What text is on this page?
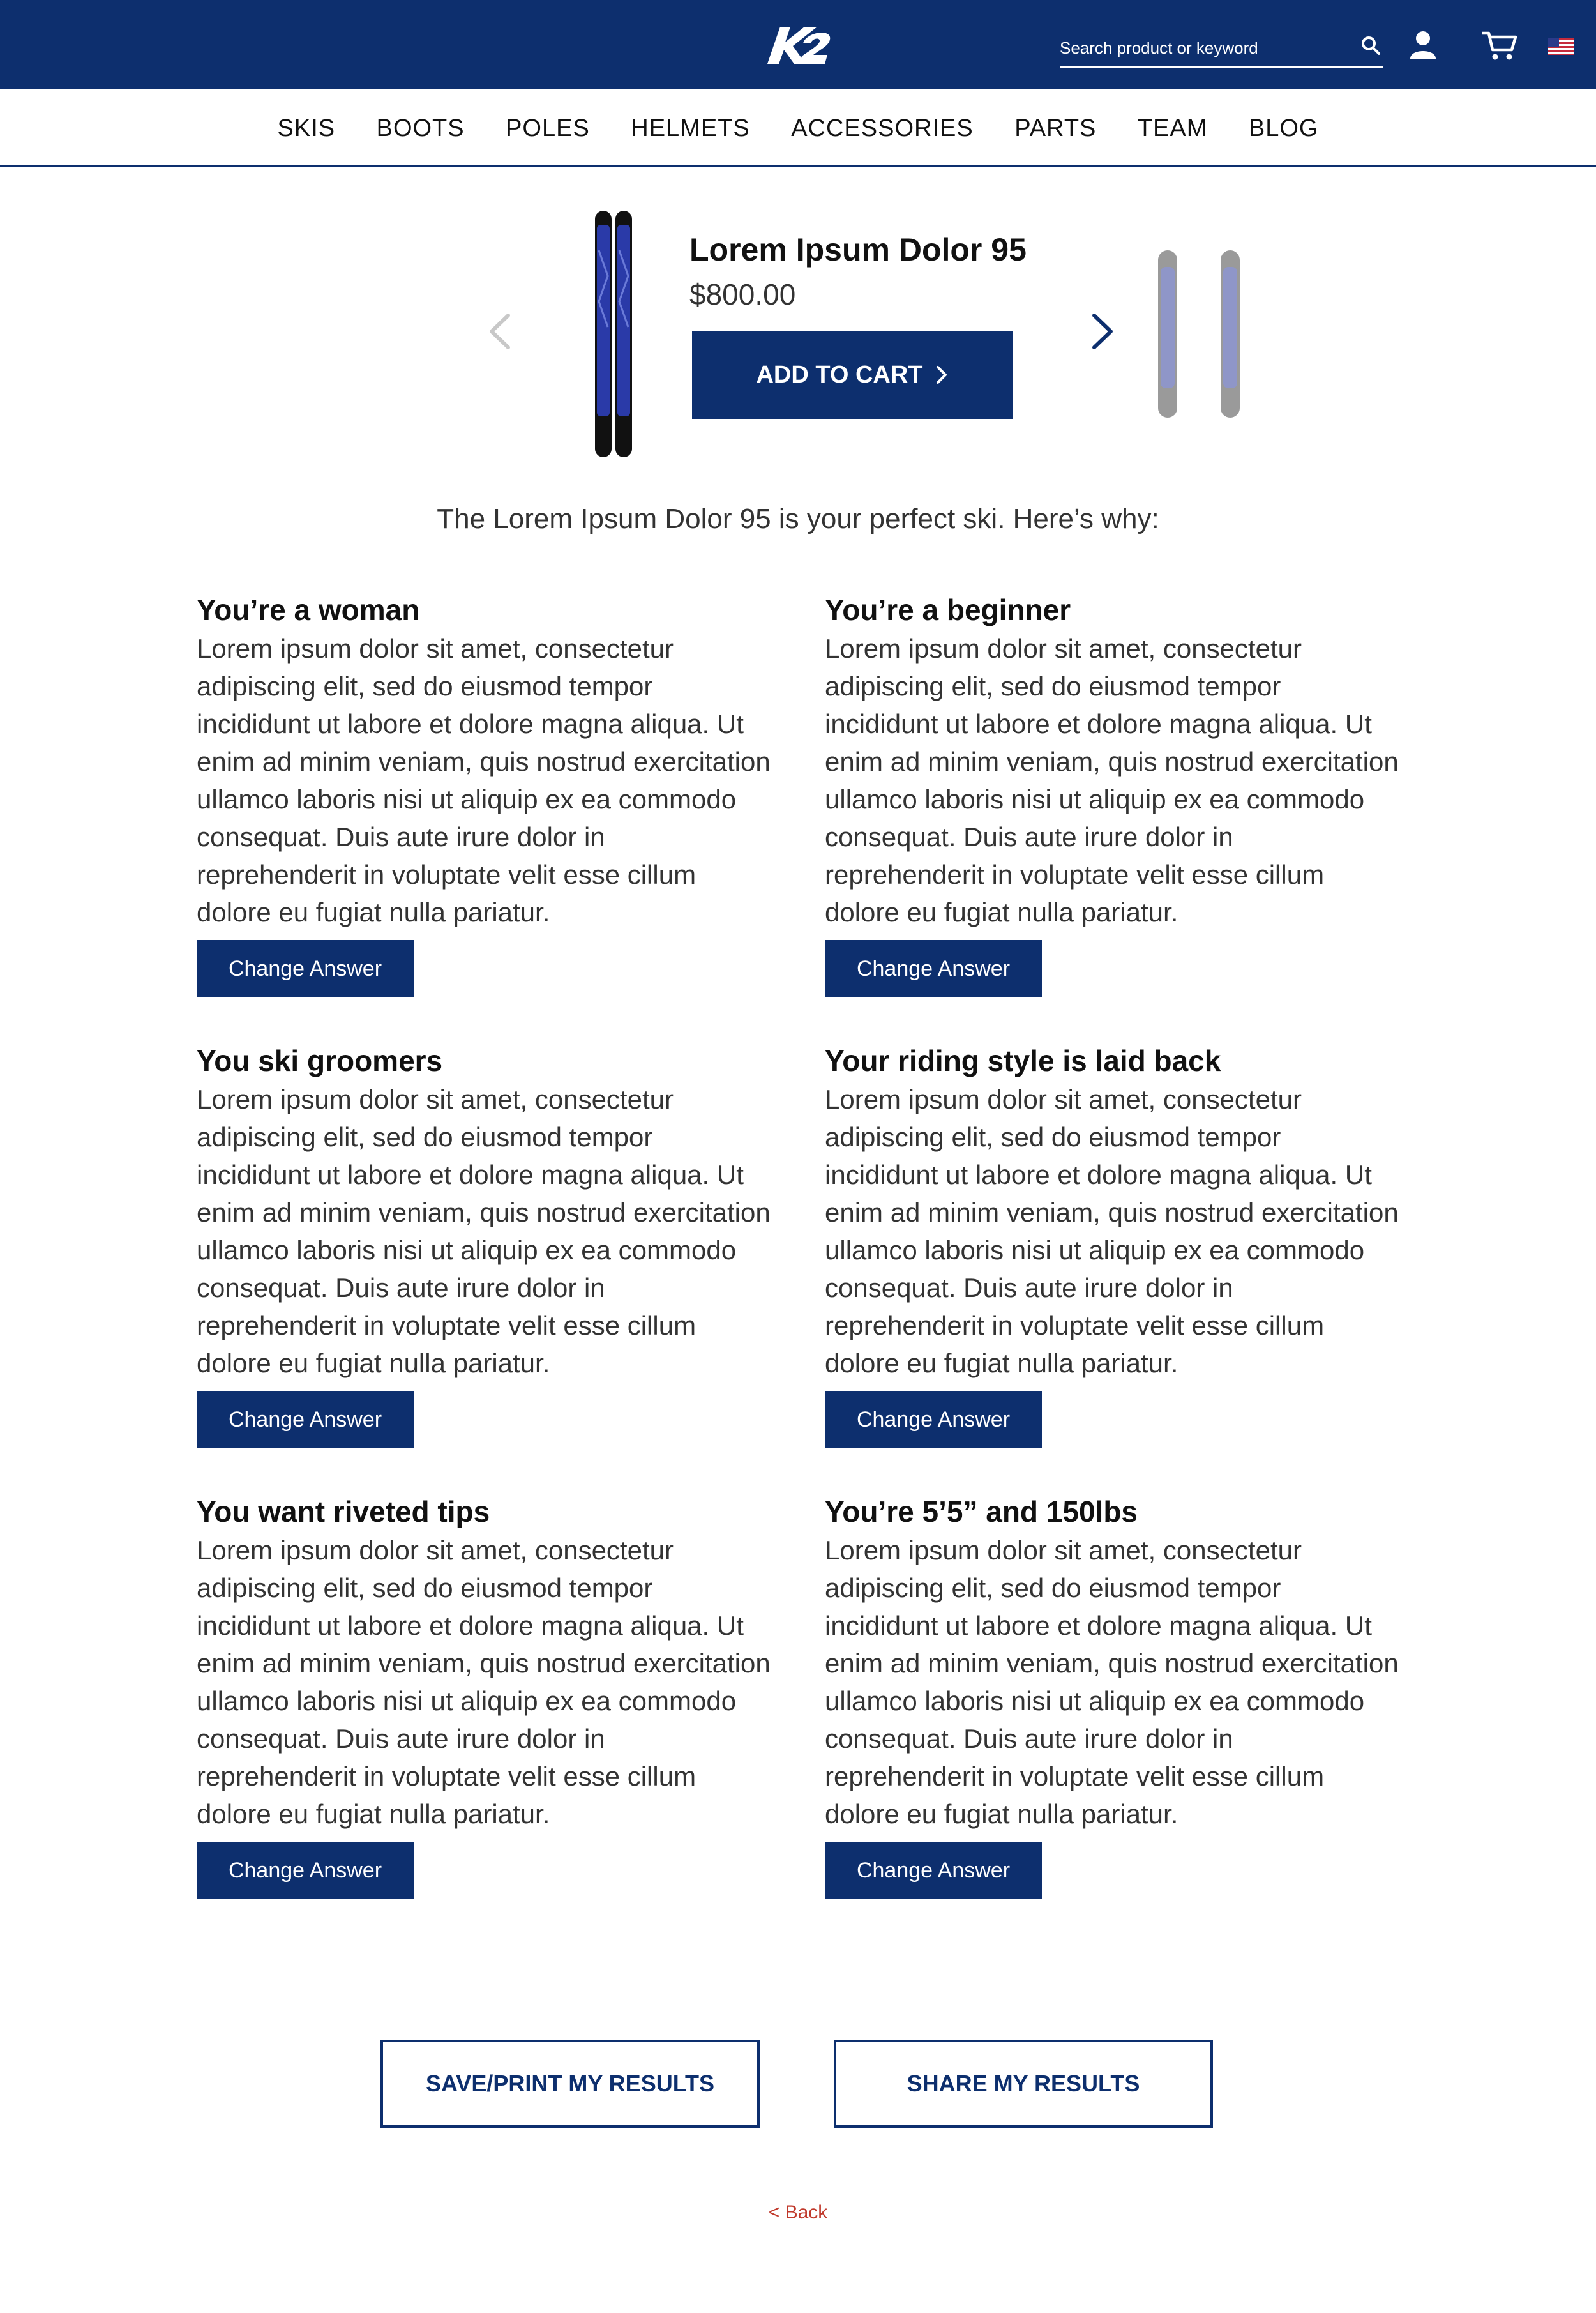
Search product or keyword
SKIS BOOTS POLES HELMETS ACCESSORIES PARTS TEAM BLOG
Lorem Ipsum Dolor 95
$800.00
ADD TO CART
The Lorem Ipsum Dolor 95 is your perfect ski. Here’s why:
You’re a woman
Lorem ipsum dolor sit amet, consectetur adipiscing elit, sed do eiusmod tempor incididunt ut labore et dolore magna aliqua. Ut enim ad minim veniam, quis nostrud exercitation ullamco laboris nisi ut aliquip ex ea commodo consequat. Duis aute irure dolor in reprehenderit in voluptate velit esse cillum dolore eu fugiat nulla pariatur.
Change Answer
You’re a beginner
Lorem ipsum dolor sit amet, consectetur adipiscing elit, sed do eiusmod tempor incididunt ut labore et dolore magna aliqua. Ut enim ad minim veniam, quis nostrud exercitation ullamco laboris nisi ut aliquip ex ea commodo consequat. Duis aute irure dolor in reprehenderit in voluptate velit esse cillum dolore eu fugiat nulla pariatur.
Change Answer
You ski groomers
Lorem ipsum dolor sit amet, consectetur adipiscing elit, sed do eiusmod tempor incididunt ut labore et dolore magna aliqua. Ut enim ad minim veniam, quis nostrud exercitation ullamco laboris nisi ut aliquip ex ea commodo consequat. Duis aute irure dolor in reprehenderit in voluptate velit esse cillum dolore eu fugiat nulla pariatur.
Change Answer
Your riding style is laid back
Lorem ipsum dolor sit amet, consectetur adipiscing elit, sed do eiusmod tempor incididunt ut labore et dolore magna aliqua. Ut enim ad minim veniam, quis nostrud exercitation ullamco laboris nisi ut aliquip ex ea commodo consequat. Duis aute irure dolor in reprehenderit in voluptate velit esse cillum dolore eu fugiat nulla pariatur.
Change Answer
You want riveted tips
Lorem ipsum dolor sit amet, consectetur adipiscing elit, sed do eiusmod tempor incididunt ut labore et dolore magna aliqua. Ut enim ad minim veniam, quis nostrud exercitation ullamco laboris nisi ut aliquip ex ea commodo consequat. Duis aute irure dolor in reprehenderit in voluptate velit esse cillum dolore eu fugiat nulla pariatur.
Change Answer
You’re 5’5” and 150lbs
Lorem ipsum dolor sit amet, consectetur adipiscing elit, sed do eiusmod tempor incididunt ut labore et dolore magna aliqua. Ut enim ad minim veniam, quis nostrud exercitation ullamco laboris nisi ut aliquip ex ea commodo consequat. Duis aute irure dolor in reprehenderit in voluptate velit esse cillum dolore eu fugiat nulla pariatur.
Change Answer
SAVE/PRINT MY RESULTS	SHARE MY RESULTS
< Back
